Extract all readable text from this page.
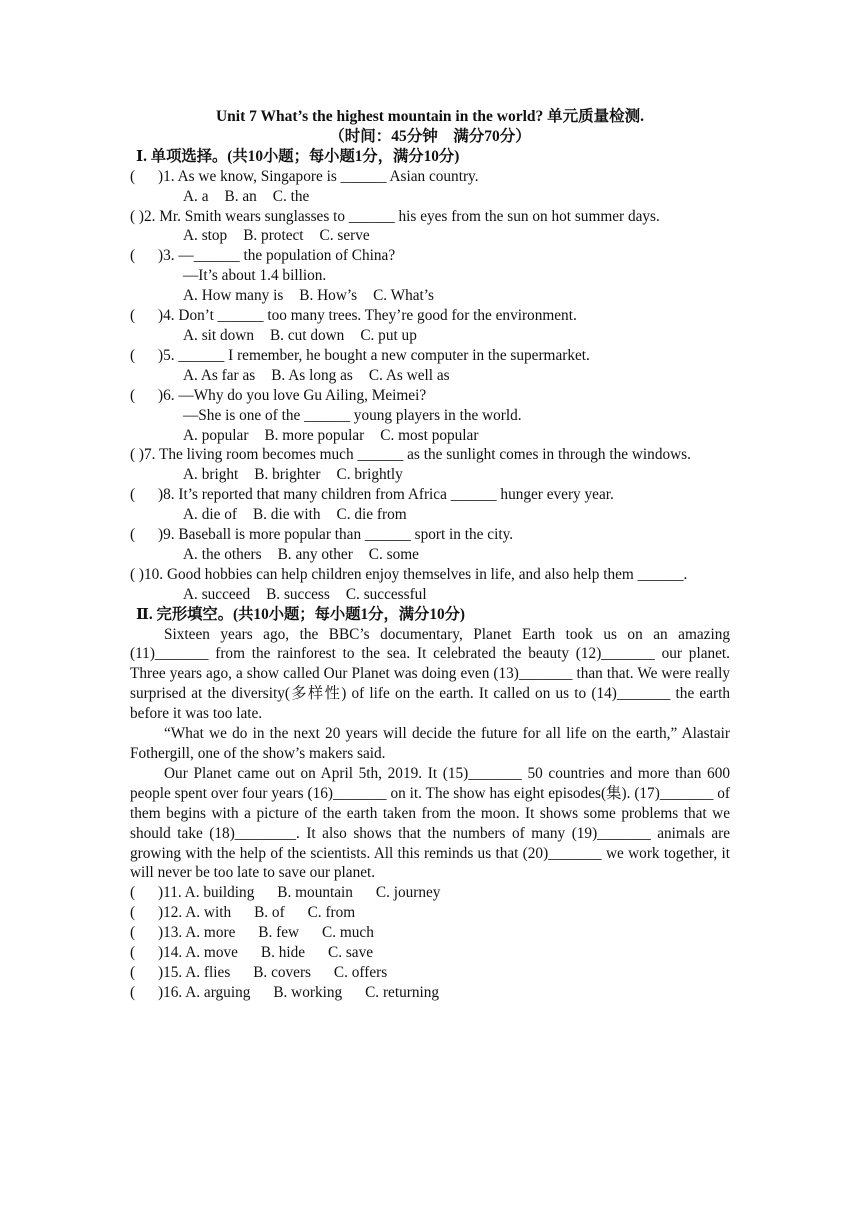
Unit 7 What’s the highest mountain in the world? 单元质量检测.
（时间：45分钟　满分70分）
Ⅰ. 单项选择。(共10小题；每小题1分，满分10分)
(      )1. As we know, Singapore is ______ Asian country.
A. a B. an C. the
( )2. Mr. Smith wears sunglasses to ______ his eyes from the sun on hot summer days.
A. stop B. protect C. serve
(      )3. —______ the population of China?
—It’s about 1.4 billion.
A. How many is B. How’s C. What’s
(      )4. Don’t ______ too many trees. They’re good for the environment.
A. sit down B. cut down C. put up
(      )5. ______ I remember, he bought a new computer in the supermarket.
A. As far as B. As long as C. As well as
(      )6. —Why do you love Gu Ailing, Meimei?
—She is one of the ______ young players in the world.
A. popular B. more popular C. most popular
( )7. The living room becomes much ______ as the sunlight comes in through the windows.
A. bright B. brighter C. brightly
(      )8. It’s reported that many children from Africa ______ hunger every year.
A. die of B. die with C. die from
(      )9. Baseball is more popular than ______ sport in the city.
A. the others B. any other C. some
( )10. Good hobbies can help children enjoy themselves in life, and also help them ______.
A. succeed B. success C. successful
Ⅱ. 完形填空。(共10小题；每小题1分，满分10分)
Sixteen years ago, the BBC’s documentary, Planet Earth took us on an amazing (11)_______ from the rainforest to the sea. It celebrated the beauty (12)_______ our planet. Three years ago, a show called Our Planet was doing even (13)_______ than that. We were really surprised at the diversity(多样性) of life on the earth. It called on us to (14)_______ the earth before it was too late.
“What we do in the next 20 years will decide the future for all life on the earth,” Alastair Fothergill, one of the show’s makers said.
Our Planet came out on April 5th, 2019. It (15)_______ 50 countries and more than 600 people spent over four years (16)_______ on it. The show has eight episodes(集). (17)_______ of them begins with a picture of the earth taken from the moon. It shows some problems that we should take (18)________. It also shows that the numbers of many (19)_______ animals are growing with the help of the scientists. All this reminds us that (20)_______ we work together, it will never be too late to save our planet.
(      )11. A. building      B. mountain      C. journey
(      )12. A. with      B. of      C. from
(      )13. A. more      B. few      C. much
(      )14. A. move      B. hide      C. save
(      )15. A. flies      B. covers      C. offers
(      )16. A. arguing      B. working      C. returning
